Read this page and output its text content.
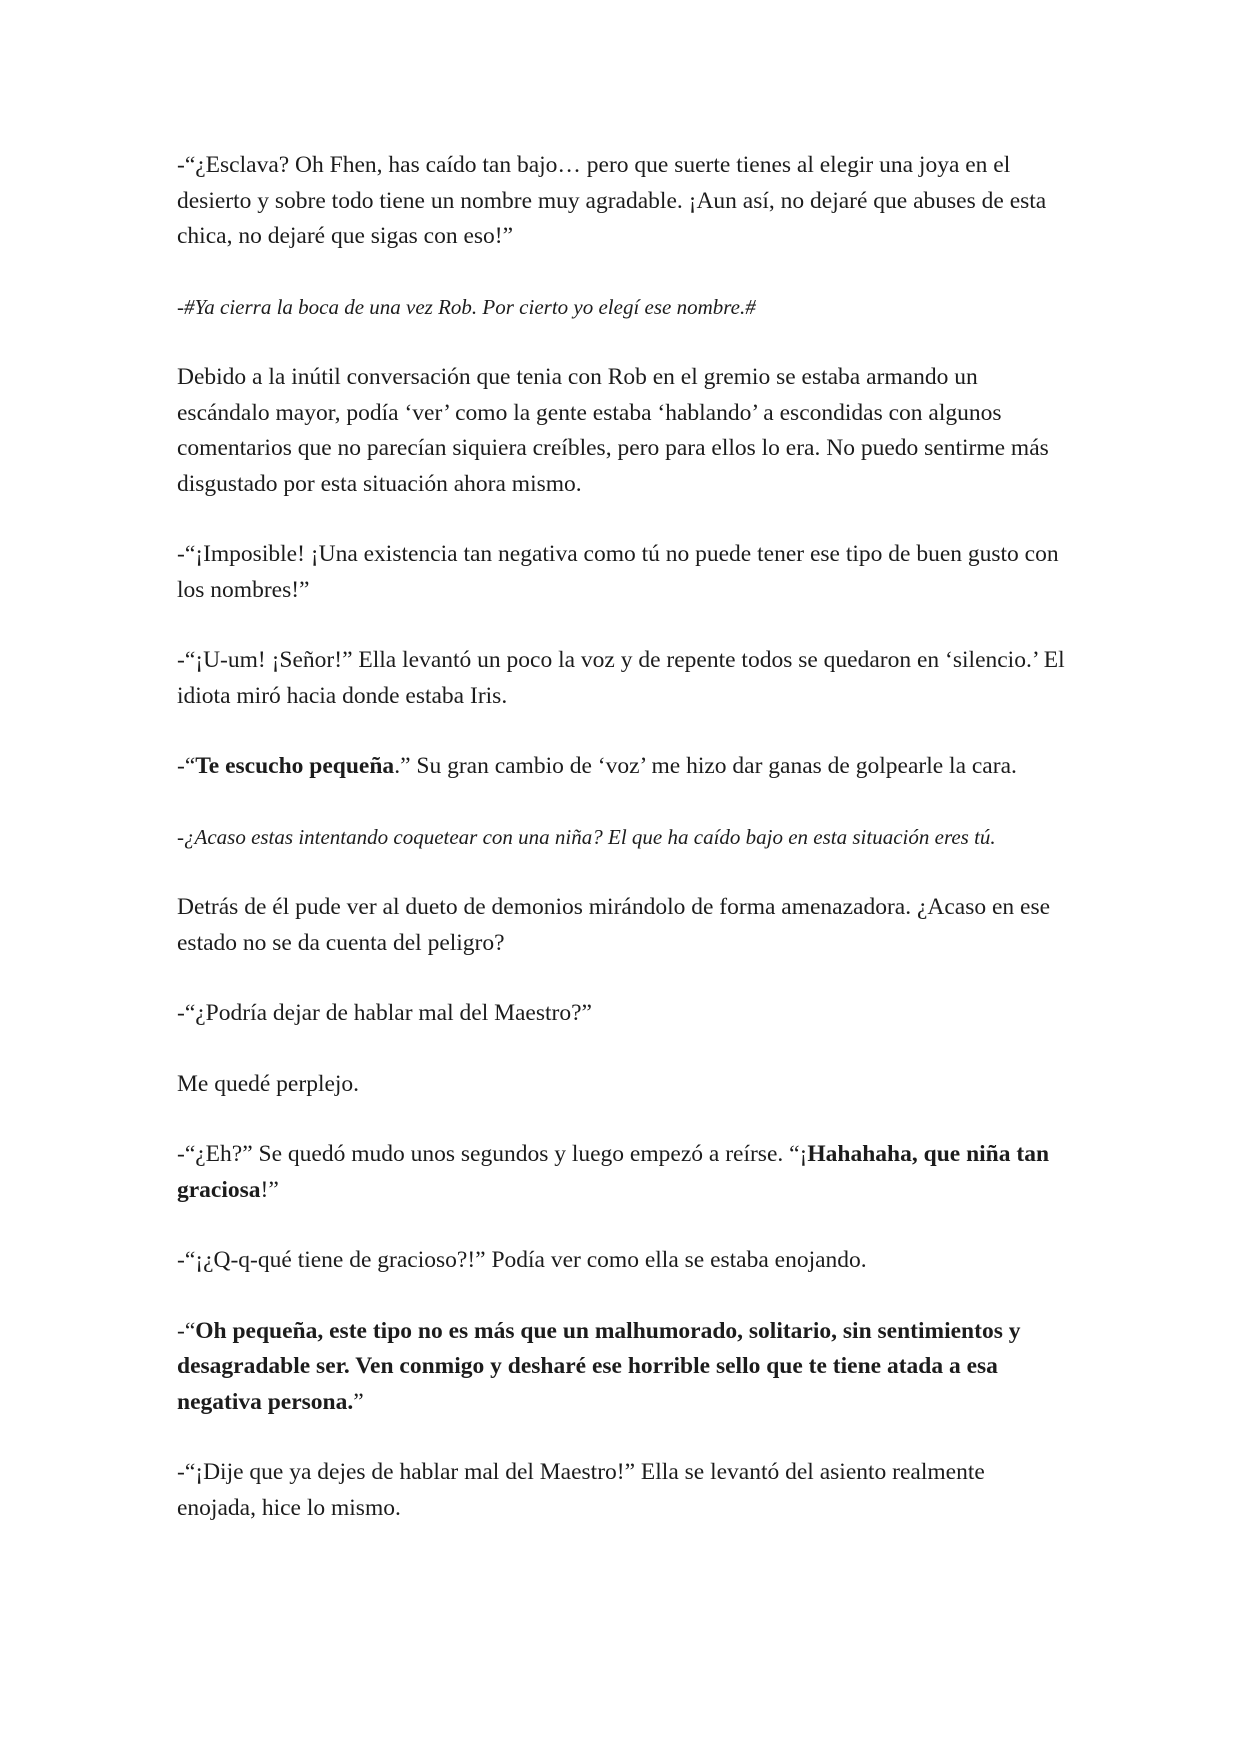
-“¿Esclava? Oh Fhen, has caído tan bajo… pero que suerte tienes al elegir una joya en el desierto y sobre todo tiene un nombre muy agradable. ¡Aun así, no dejaré que abuses de esta chica, no dejaré que sigas con eso!”

-#Ya cierra la boca de una vez Rob. Por cierto yo elegí ese nombre.#

Debido a la inútil conversación que tenia con Rob en el gremio se estaba armando un escándalo mayor, podía ‘ver’ como la gente estaba ‘hablando’ a escondidas con algunos comentarios que no parecían siquiera creíbles, pero para ellos lo era. No puedo sentirme más disgustado por esta situación ahora mismo.

-“¡Imposible! ¡Una existencia tan negativa como tú no puede tener ese tipo de buen gusto con los nombres!”

-“¡U-um! ¡Señor!” Ella levantó un poco la voz y de repente todos se quedaron en ‘silencio.’ El idiota miró hacia donde estaba Iris.

-“Te escucho pequeña.” Su gran cambio de ‘voz’ me hizo dar ganas de golpearle la cara.

-¿Acaso estas intentando coquetear con una niña? El que ha caído bajo en esta situación eres tú.

Detrás de él pude ver al dueto de demonios mirándolo de forma amenazadora. ¿Acaso en ese estado no se da cuenta del peligro?

-“¿Podría dejar de hablar mal del Maestro?”

Me quedé perplejo.

-“¿Eh?” Se quedó mudo unos segundos y luego empezó a reírse. “¡Hahahaha, que niña tan graciosa!”

-“¡¿Q-q-qué tiene de gracioso?!” Podía ver como ella se estaba enojando.

-“Oh pequeña, este tipo no es más que un malhumorado, solitario, sin sentimientos y desagradable ser. Ven conmigo y desharé ese horrible sello que te tiene atada a esa negativa persona.”

-“¡Dije que ya dejes de hablar mal del Maestro!” Ella se levantó del asiento realmente enojada, hice lo mismo.
